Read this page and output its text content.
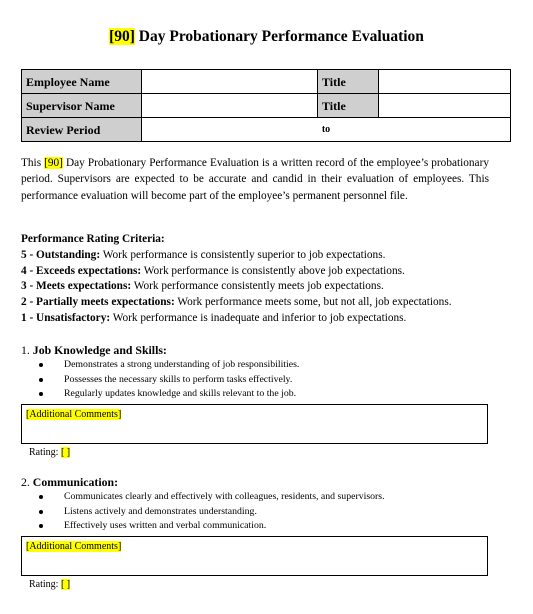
[90] Day Probationary Performance Evaluation
Employee Name		Title	
Supervisor Name		Title	
Review Period	to		
This [90] Day Probationary Performance Evaluation is a written record of the employee’s probationary period. Supervisors are expected to be accurate and candid in their evaluation of employees. This performance evaluation will become part of the employee’s permanent personnel file.
Performance Rating Criteria:
5 - Outstanding: Work performance is consistently superior to job expectations.
4 - Exceeds expectations: Work performance is consistently above job expectations.
3 - Meets expectations: Work performance consistently meets job expectations.
2 - Partially meets expectations: Work performance meets some, but not all, job expectations.
1 - Unsatisfactory: Work performance is inadequate and inferior to job expectations.
1. Job Knowledge and Skills:
Demonstrates a strong understanding of job responsibilities.
Possesses the necessary skills to perform tasks effectively.
Regularly updates knowledge and skills relevant to the job.
[Additional Comments]
Rating: [ ]
2. Communication:
Communicates clearly and effectively with colleagues, residents, and supervisors.
Listens actively and demonstrates understanding.
Effectively uses written and verbal communication.
[Additional Comments]
Rating: [ ]
